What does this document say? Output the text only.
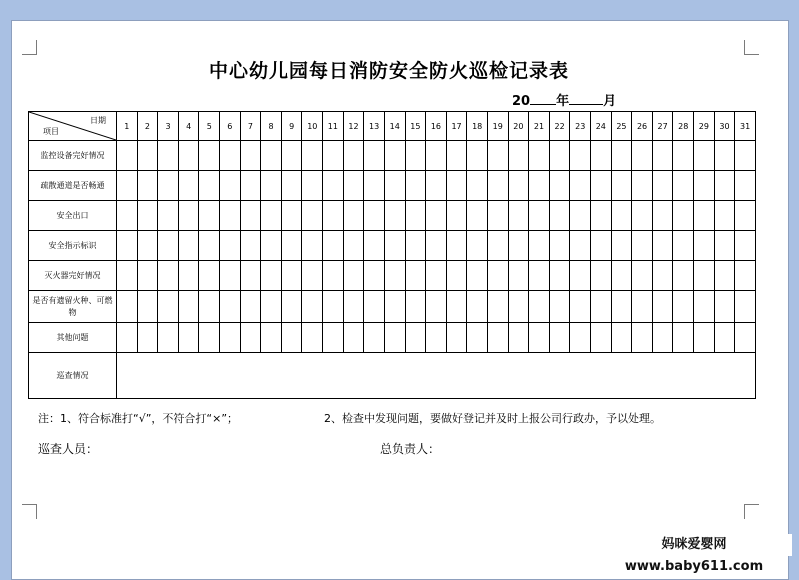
中心幼儿园每日消防安全防火巡检记录表
20 年	月
日期
项目	1	2	3	4	5	6	7	8	9	10	11	12	13	14	15	16	17	18	19	20	21	22	23	24	25	26	27	28	29	30	31
监控设备完好情况																															
疏散通道是否畅通																															
安全出口																															
安全指示标识																															
灭火器完好情况																															
是否有遗留火种、可燃物																															
其他问题																															
巡查情况																															
注：1、符合标准打“√”，不符合打“×”；	2、检查中发现问题，要做好登记并及时上报公司行政办，予以处理。
巡查人员：	总负责人：
妈咪爱婴网 www.baby611.com
